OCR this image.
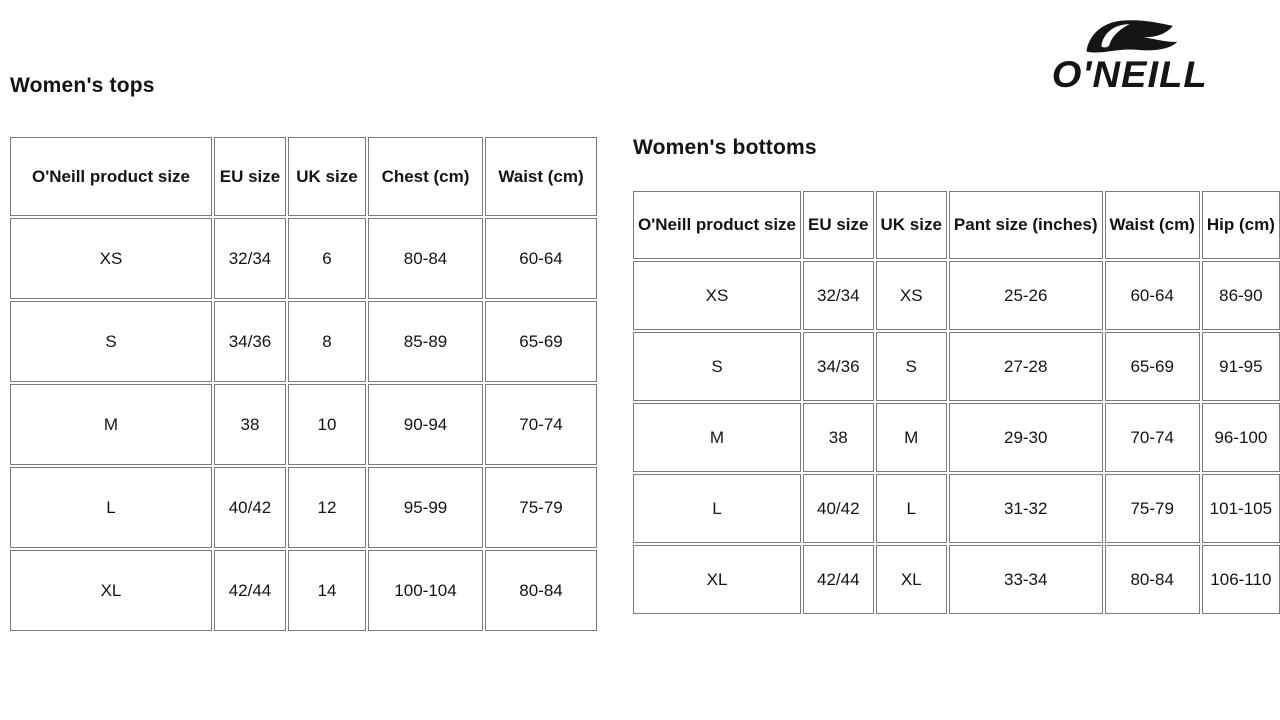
O'NEILL
Women's tops
O'Neill product size	EU size	UK size	Chest (cm)	Waist (cm)
XS	32/34	6	80-84	60-64
S	34/36	8	85-89	65-69
M	38	10	90-94	70-74
L	40/42	12	95-99	75-79
XL	42/44	14	100-104	80-84
Women's bottoms
O'Neill product size	EU size	UK size	Pant size (inches)	Waist (cm)	Hip (cm)
XS	32/34	XS	25-26	60-64	86-90
S	34/36	S	27-28	65-69	91-95
M	38	M	29-30	70-74	96-100
L	40/42	L	31-32	75-79	101-105
XL	42/44	XL	33-34	80-84	106-110
